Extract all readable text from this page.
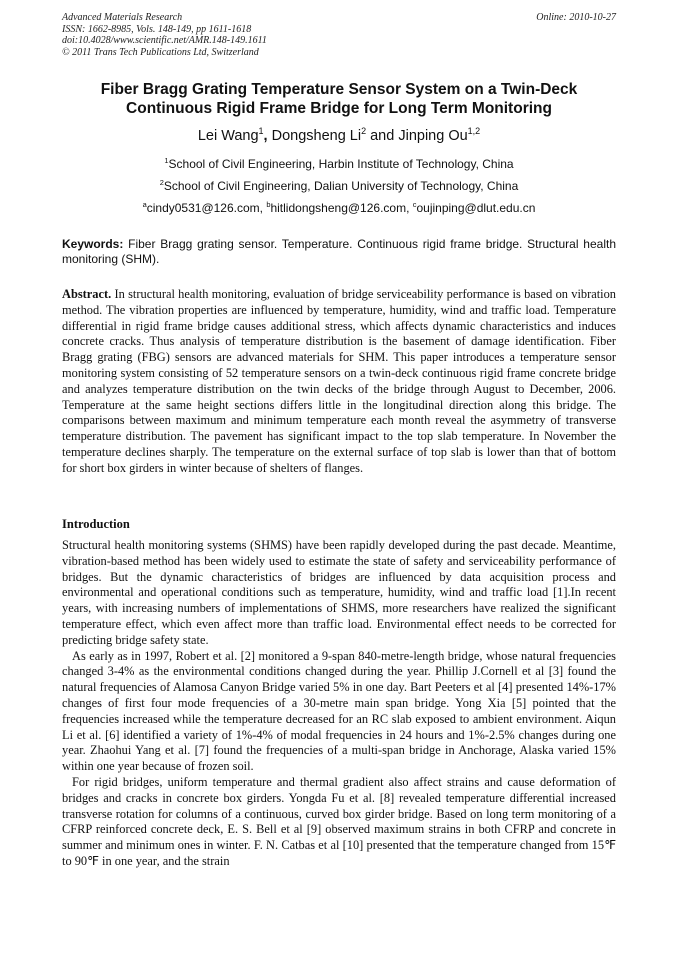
Advanced Materials Research
ISSN: 1662-8985, Vols. 148-149, pp 1611-1618
doi:10.4028/www.scientific.net/AMR.148-149.1611
© 2011 Trans Tech Publications Ltd, Switzerland
Online: 2010-10-27
Fiber Bragg Grating Temperature Sensor System on a Twin-Deck
Continuous Rigid Frame Bridge for Long Term Monitoring
Lei Wang$^1$, Dongsheng Li$^2$ and Jinping Ou$^{1,2}$
$^1$School of Civil Engineering, Harbin Institute of Technology, China
$^2$School of Civil Engineering, Dalian University of Technology, China
$^a$cindy0531@126.com, $^b$hitlidongsheng@126.com, $^c$oujinping@dlut.edu.cn
Keywords: Fiber Bragg grating sensor. Temperature. Continuous rigid frame bridge. Structural health monitoring (SHM).
Abstract. In structural health monitoring, evaluation of bridge serviceability performance is based on vibration method. The vibration properties are influenced by temperature, humidity, wind and traffic load. Temperature differential in rigid frame bridge causes additional stress, which affects dynamic characteristics and induces concrete cracks. Thus analysis of temperature distribution is the basement of damage identification. Fiber Bragg grating (FBG) sensors are advanced materials for SHM. This paper introduces a temperature sensor monitoring system consisting of 52 temperature sensors on a twin-deck continuous rigid frame concrete bridge and analyzes temperature distribution on the twin decks of the bridge through August to December, 2006. Temperature at the same height sections differs little in the longitudinal direction along this bridge. The comparisons between maximum and minimum temperature each month reveal the asymmetry of transverse temperature distribution. The pavement has significant impact to the top slab temperature. In November the temperature declines sharply. The temperature on the external surface of top slab is lower than that of bottom for short box girders in winter because of shelters of flanges.
Introduction

Structural health monitoring systems (SHMS) have been rapidly developed during the past decade. Meantime, vibration-based method has been widely used to estimate the state of safety and serviceability performance of bridges. But the dynamic characteristics of bridges are influenced by data acquisition process and environmental and operational conditions such as temperature, humidity, wind and traffic load [1].In recent years, with increasing numbers of implementations of SHMS, more researchers have realized the significant temperature effect, which even affect more than traffic load. Environmental effect needs to be corrected for predicting bridge safety state.

As early as in 1997, Robert et al. [2] monitored a 9-span 840-metre-length bridge, whose natural frequencies changed 3-4% as the environmental conditions changed during the year. Phillip J.Cornell et al [3] found the natural frequencies of Alamosa Canyon Bridge varied 5% in one day. Bart Peeters et al [4] presented 14%-17% changes of first four mode frequencies of a 30-metre main span bridge. Yong Xia [5] pointed that the frequencies increased while the temperature decreased for an RC slab exposed to ambient environment. Aiqun Li et al. [6] identified a variety of 1%-4% of modal frequencies in 24 hours and 1%-2.5% changes during one year. Zhaohui Yang et al. [7] found the frequencies of a multi-span bridge in Anchorage, Alaska varied 15% within one year because of frozen soil.

For rigid bridges, uniform temperature and thermal gradient also affect strains and cause deformation of bridges and cracks in concrete box girders. Yongda Fu et al. [8] revealed temperature differential increased transverse rotation for columns of a continuous, curved box girder bridge. Based on long term monitoring of a CFRP reinforced concrete deck, E. S. Bell et al [9] observed maximum strains in both CFRP and concrete in summer and minimum ones in winter. F. N. Catbas et al [10] presented that the temperature changed from 15℉ to 90℉ in one year, and the strain
